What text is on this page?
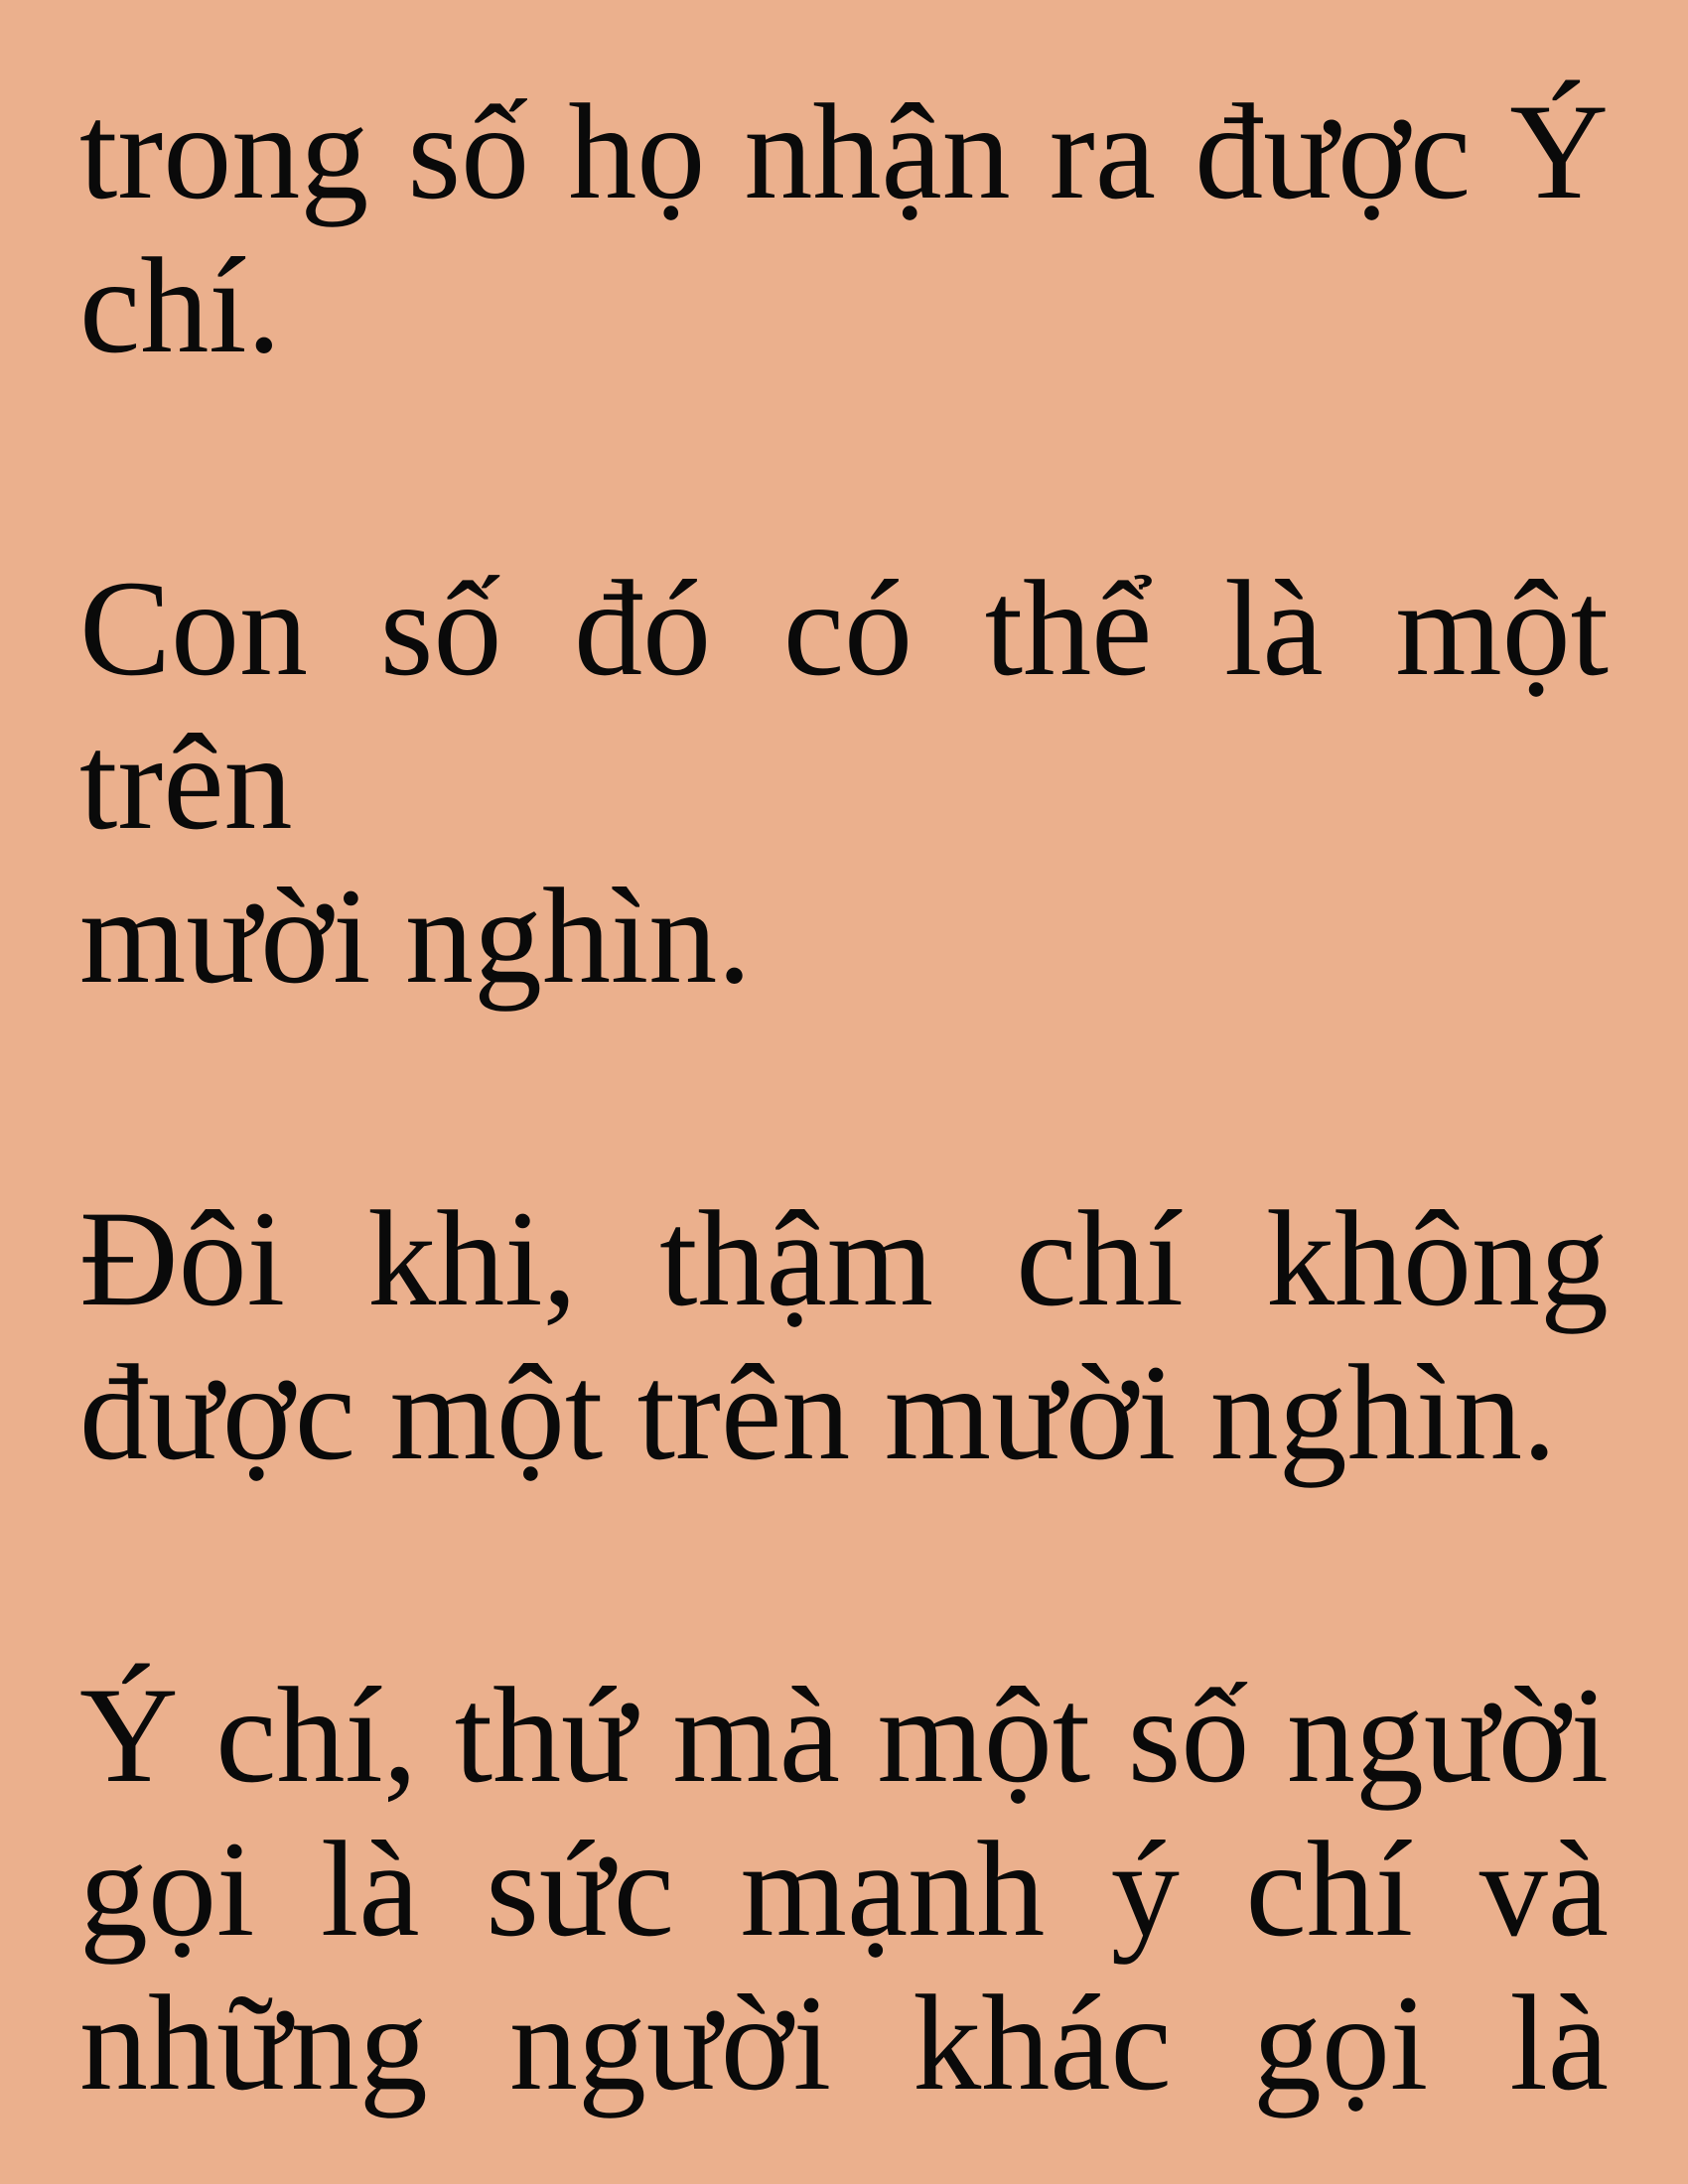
trong số họ nhận ra được Ý
chí.
Con số đó có thể là một trên
mười nghìn.
Đôi khi, thậm chí không
được một trên mười nghìn.
Ý chí, thứ mà một số người
gọi là sức mạnh ý chí và
những người khác gọi là
